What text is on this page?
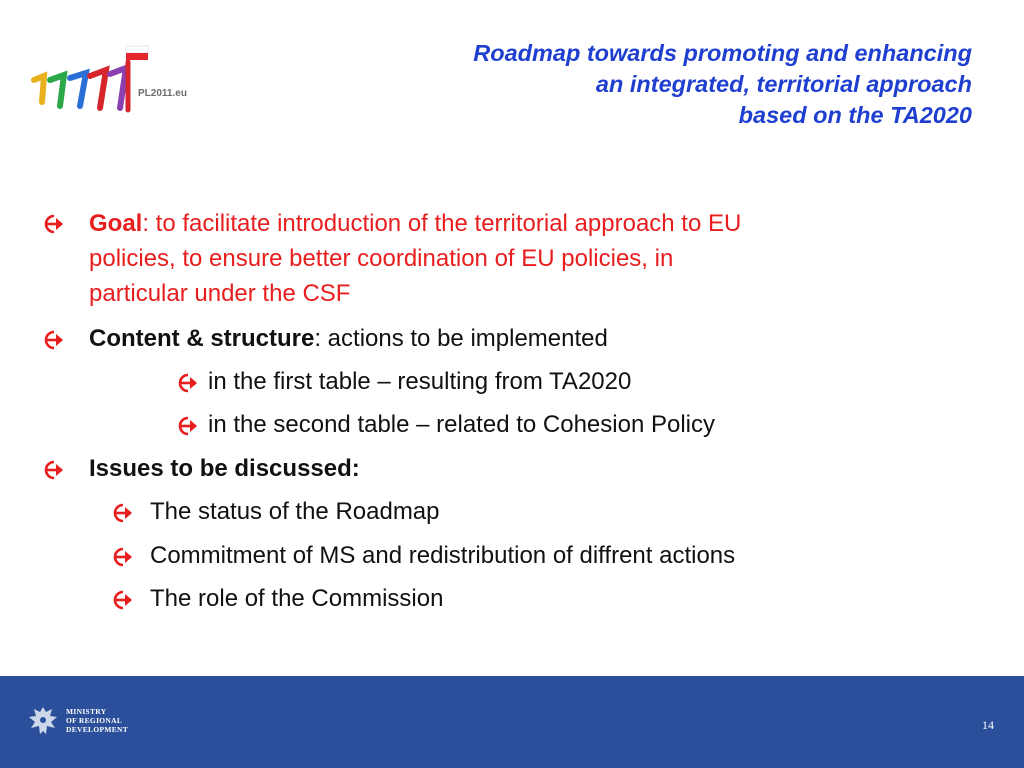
PL2011.eu
Roadmap towards promoting and enhancing
an integrated, territorial approach
based on the TA2020
Goal: to facilitate introduction of the territorial approach to EU
policies, to ensure better coordination of EU policies, in
particular under the CSF
Content & structure: actions to be implemented
in the first table – resulting from TA2020
in the second table – related to Cohesion Policy
Issues to be discussed:
The status of the Roadmap
Commitment of MS and redistribution of diffrent actions
The role of the Commission
MINISTRY
OF REGIONAL
DEVELOPMENT	14
